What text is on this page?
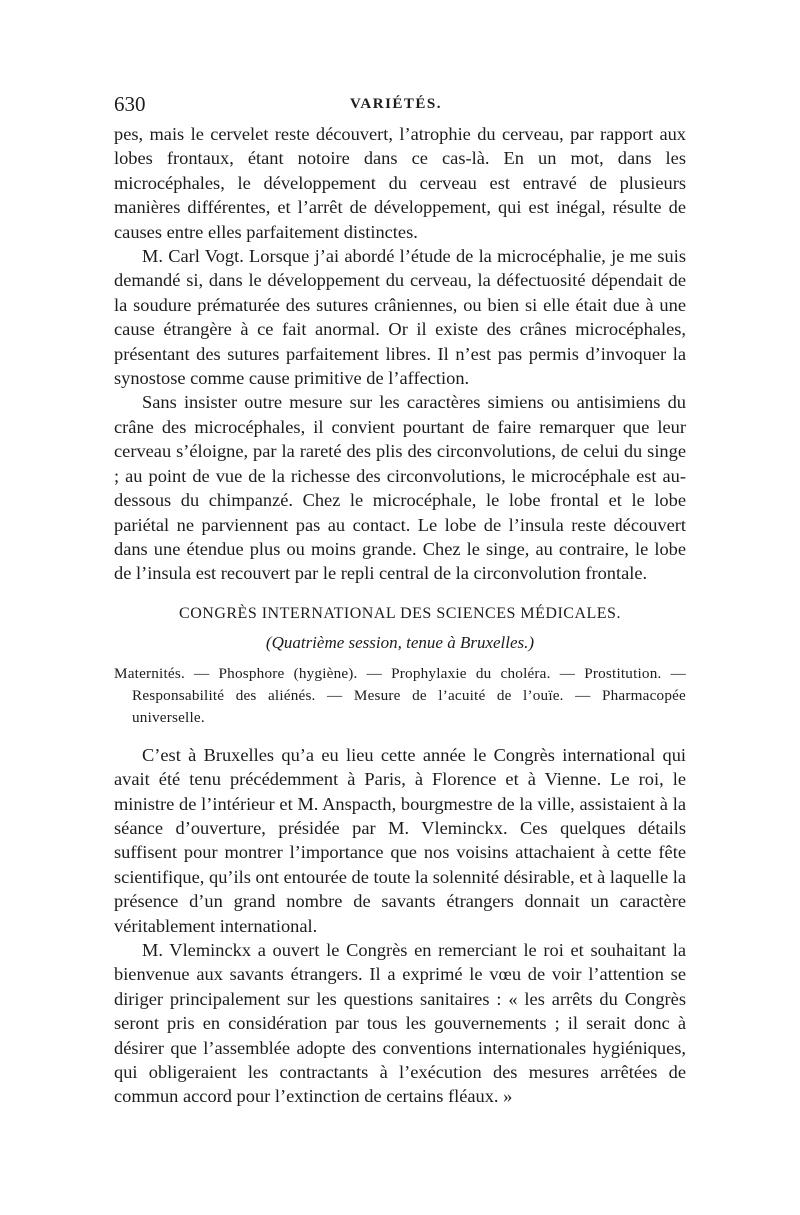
630	VARIÉTÉS.

pes, mais le cervelet reste découvert, l’atrophie du cerveau, par rapport aux lobes frontaux, étant notoire dans ce cas-là. En un mot, dans les microcéphales, le développement du cerveau est entravé de plusieurs manières différentes, et l’arrêt de développement, qui est inégal, résulte de causes entre elles parfaitement distinctes.

M. Carl Vogt. Lorsque j’ai abordé l’étude de la microcéphalie, je me suis demandé si, dans le développement du cerveau, la défectuosité dépendait de la soudure prématurée des sutures crâniennes, ou bien si elle était due à une cause étrangère à ce fait anormal. Or il existe des crânes microcéphales, présentant des sutures parfaitement libres. Il n’est pas permis d’invoquer la synostose comme cause primitive de l’affection.

Sans insister outre mesure sur les caractères simiens ou antisimiens du crâne des microcéphales, il convient pourtant de faire remarquer que leur cerveau s’éloigne, par la rareté des plis des circonvolutions, de celui du singe ; au point de vue de la richesse des circonvolutions, le microcéphale est au-dessous du chimpanzé. Chez le microcéphale, le lobe frontal et le lobe pariétal ne parviennent pas au contact. Le lobe de l’insula reste découvert dans une étendue plus ou moins grande. Chez le singe, au contraire, le lobe de l’insula est recouvert par le repli central de la circonvolution frontale.

CONGRÈS INTERNATIONAL DES SCIENCES MÉDICALES.
(Quatrième session, tenue à Bruxelles.)

Maternités. — Phosphore (hygiène). — Prophylaxie du choléra. — Prostitution. — Responsabilité des aliénés. — Mesure de l’acuité de l’ouïe. — Pharmacopée universelle.

C’est à Bruxelles qu’a eu lieu cette année le Congrès international qui avait été tenu précédemment à Paris, à Florence et à Vienne. Le roi, le ministre de l’intérieur et M. Anspacth, bourgmestre de la ville, assistaient à la séance d’ouverture, présidée par M. Vleminckx. Ces quelques détails suffisent pour montrer l’importance que nos voisins attachaient à cette fête scientifique, qu’ils ont entourée de toute la solennité désirable, et à laquelle la présence d’un grand nombre de savants étrangers donnait un caractère véritablement international.

M. Vleminckx a ouvert le Congrès en remerciant le roi et souhaitant la bienvenue aux savants étrangers. Il a exprimé le vœu de voir l’attention se diriger principalement sur les questions sanitaires : « les arrêts du Congrès seront pris en considération par tous les gouvernements ; il serait donc à désirer que l’assemblée adopte des conventions internationales hygiéniques, qui obligeraient les contractants à l’exécution des mesures arrêtées de commun accord pour l’extinction de certains fléaux. »
